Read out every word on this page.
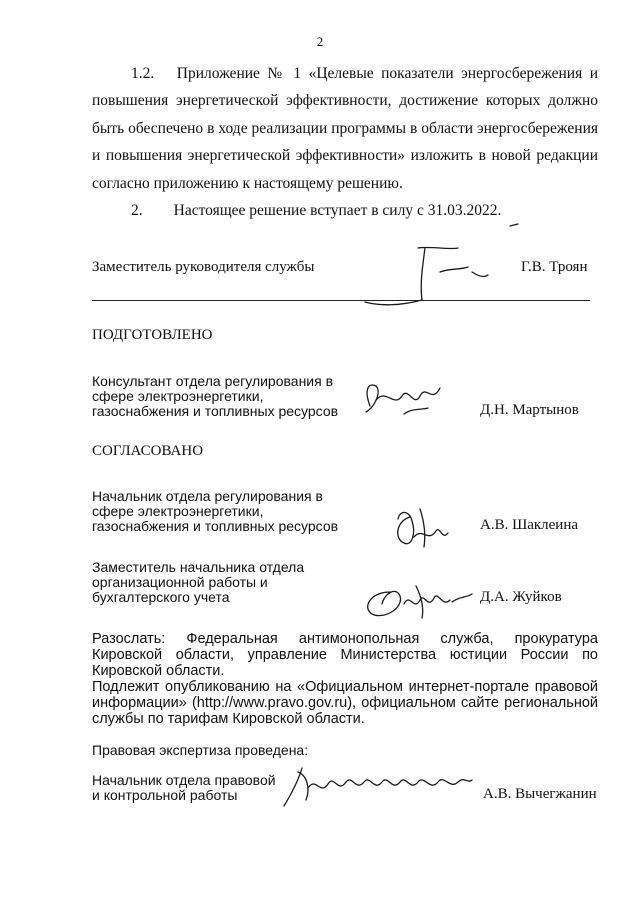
2

1.2.   Приложение № 1 «Целевые показатели энергосбережения и повышения энергетической эффективности, достижение которых должно быть обеспечено в ходе реализации программы в области энергосбережения и повышения энергетической эффективности» изложить в новой редакции согласно приложению к настоящему решению.

2.        Настоящее решение вступает в силу с 31.03.2022.

Заместитель руководителя службы	Г.В. Троян
ПОДГОТОВЛЕНО
Консультант отдела регулирования в
сфере электроэнергетики,
газоснабжения и топливных ресурсов	Д.Н. Мартынов
СОГЛАСОВАНО
Начальник отдела регулирования в
сфере электроэнергетики,
газоснабжения и топливных ресурсов	А.В. Шаклеина
Заместитель начальника отдела
организационной работы и
бухгалтерского учета	Д.А. Жуйков
Разослать: Федеральная антимонопольная служба, прокуратура Кировской области, управление Министерства юстиции России по Кировской области.
Подлежит опубликованию на «Официальном интернет-портале правовой информации» (http://www.pravo.gov.ru), официальном сайте региональной службы по тарифам Кировской области.
Правовая экспертиза проведена:
Начальник отдела правовой
и контрольной работы	А.В. Вычегжанин
